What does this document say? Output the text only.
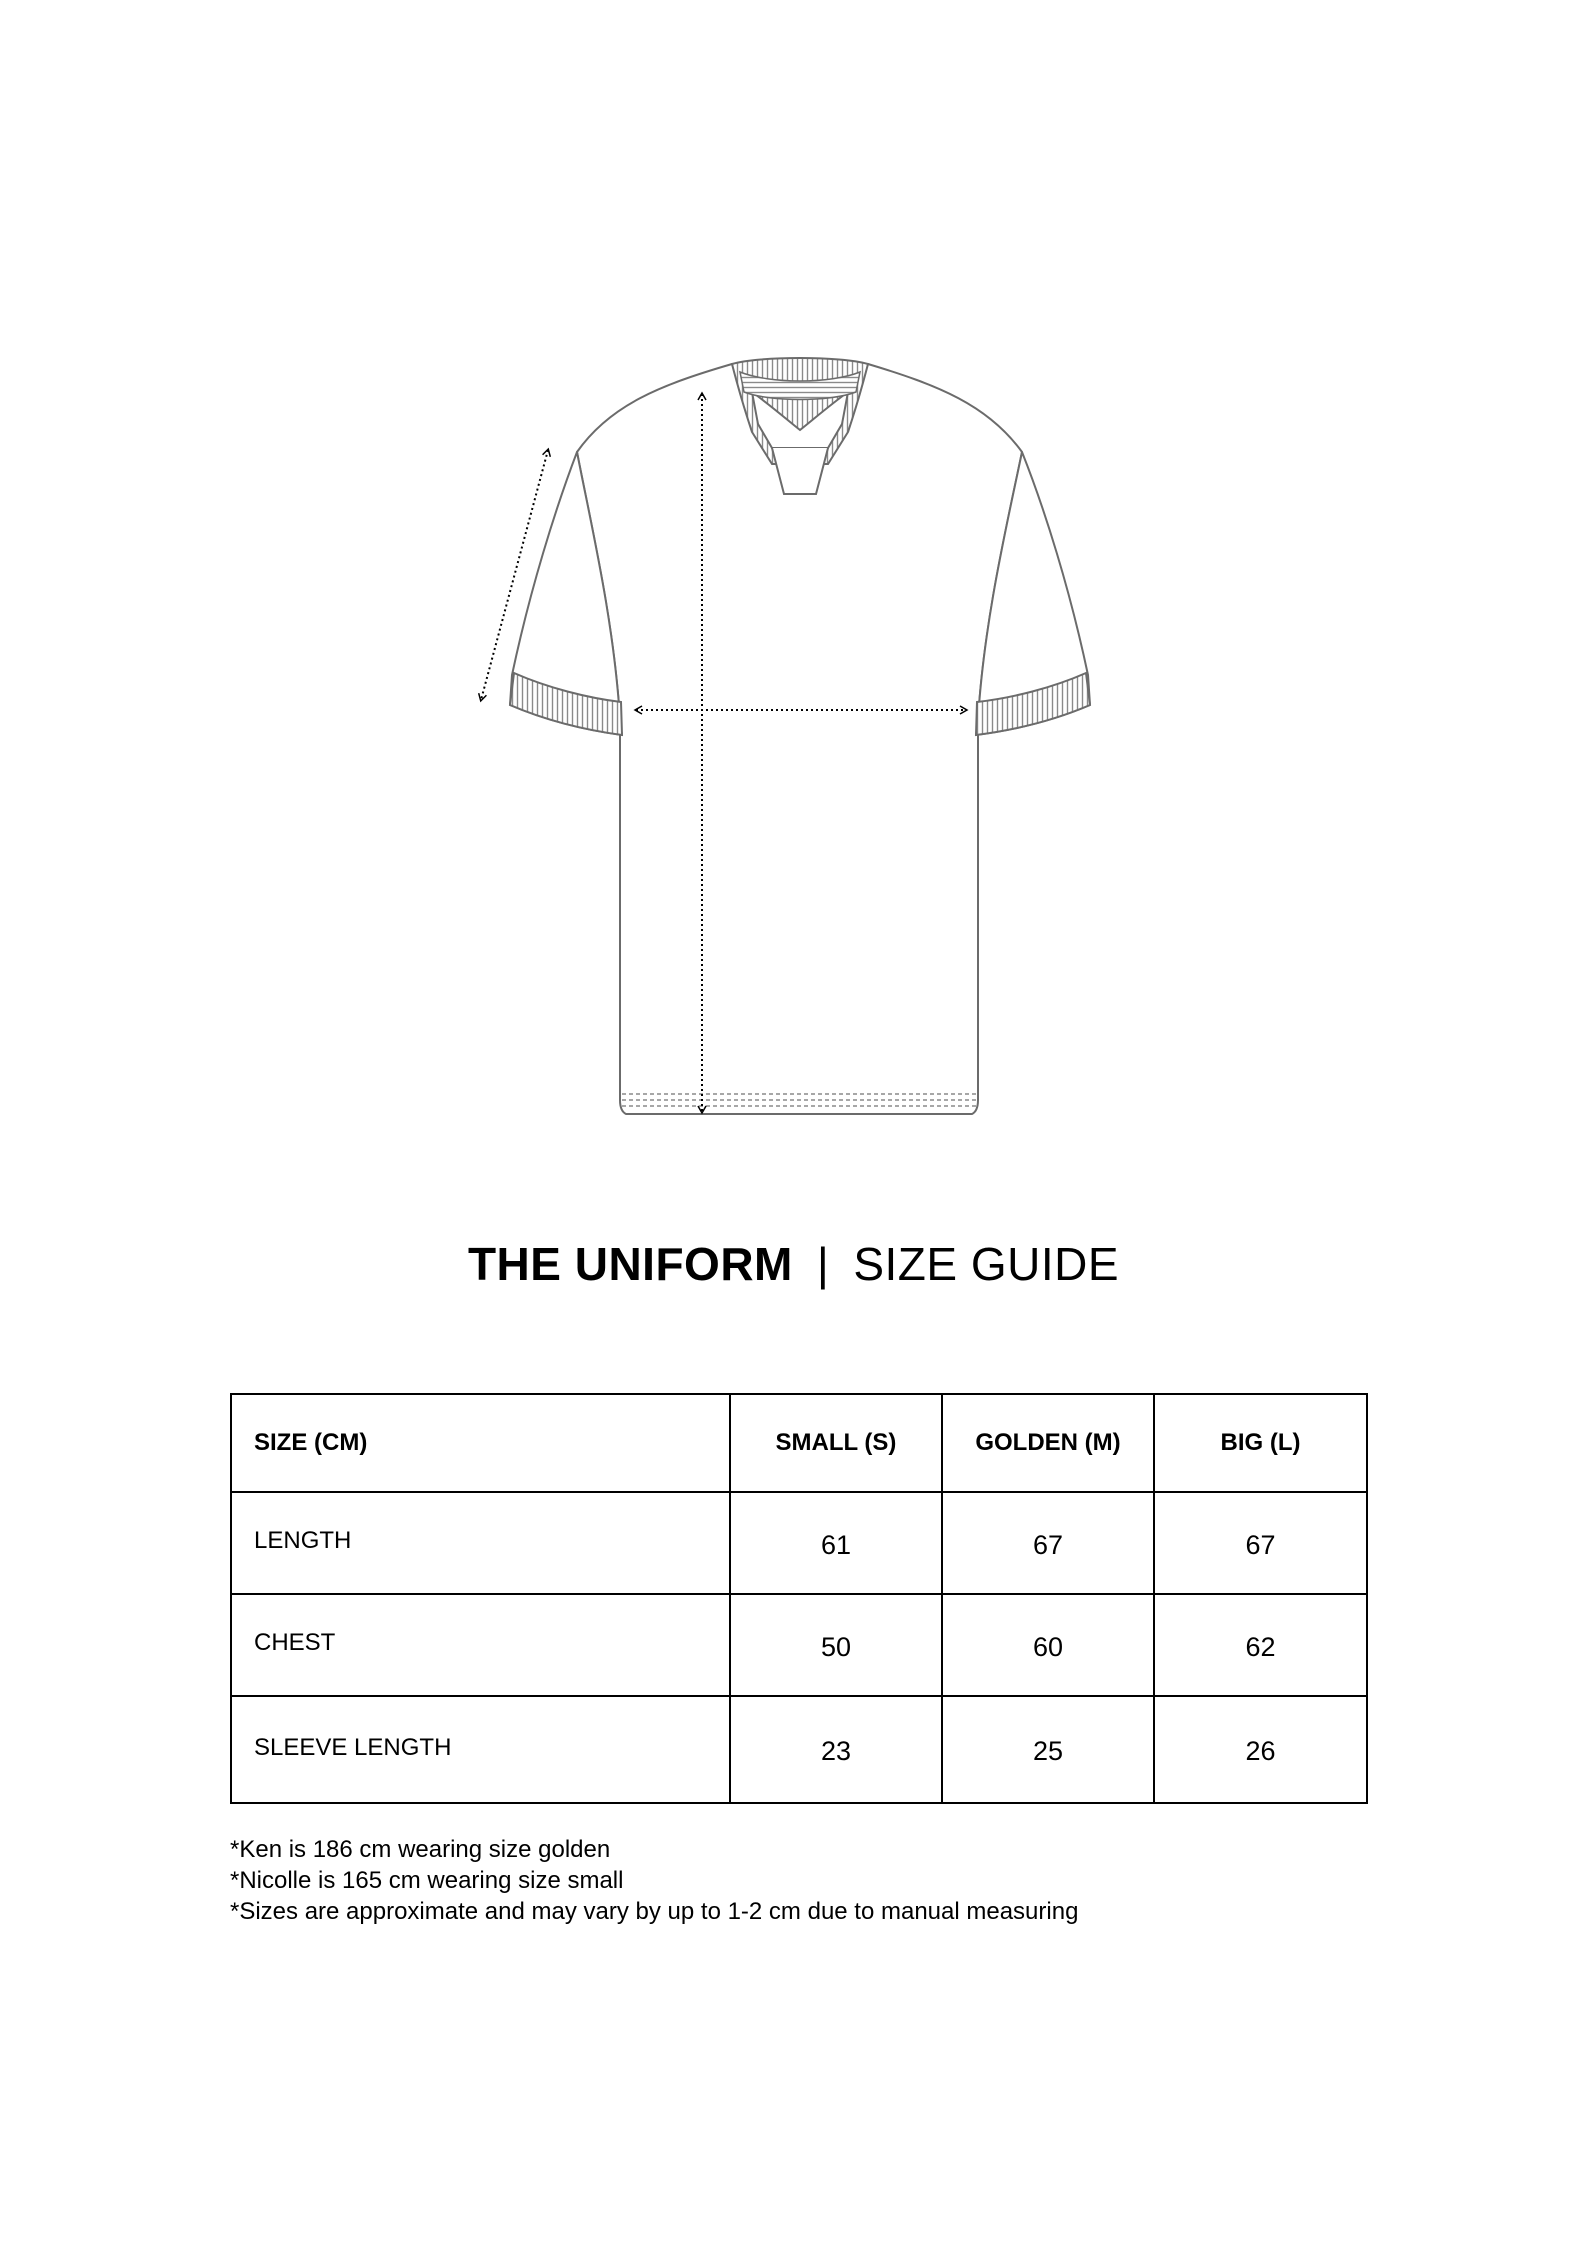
THE UNIFORM | SIZE GUIDE
SIZE (CM)	SMALL (S)	GOLDEN (M)	BIG (L)
LENGTH	61	67	67
CHEST	50	60	62
SLEEVE LENGTH	23	25	26
*Ken is 186 cm wearing size golden
*Nicolle is 165 cm wearing size small
*Sizes are approximate and may vary by up to 1-2 cm due to manual measuring
